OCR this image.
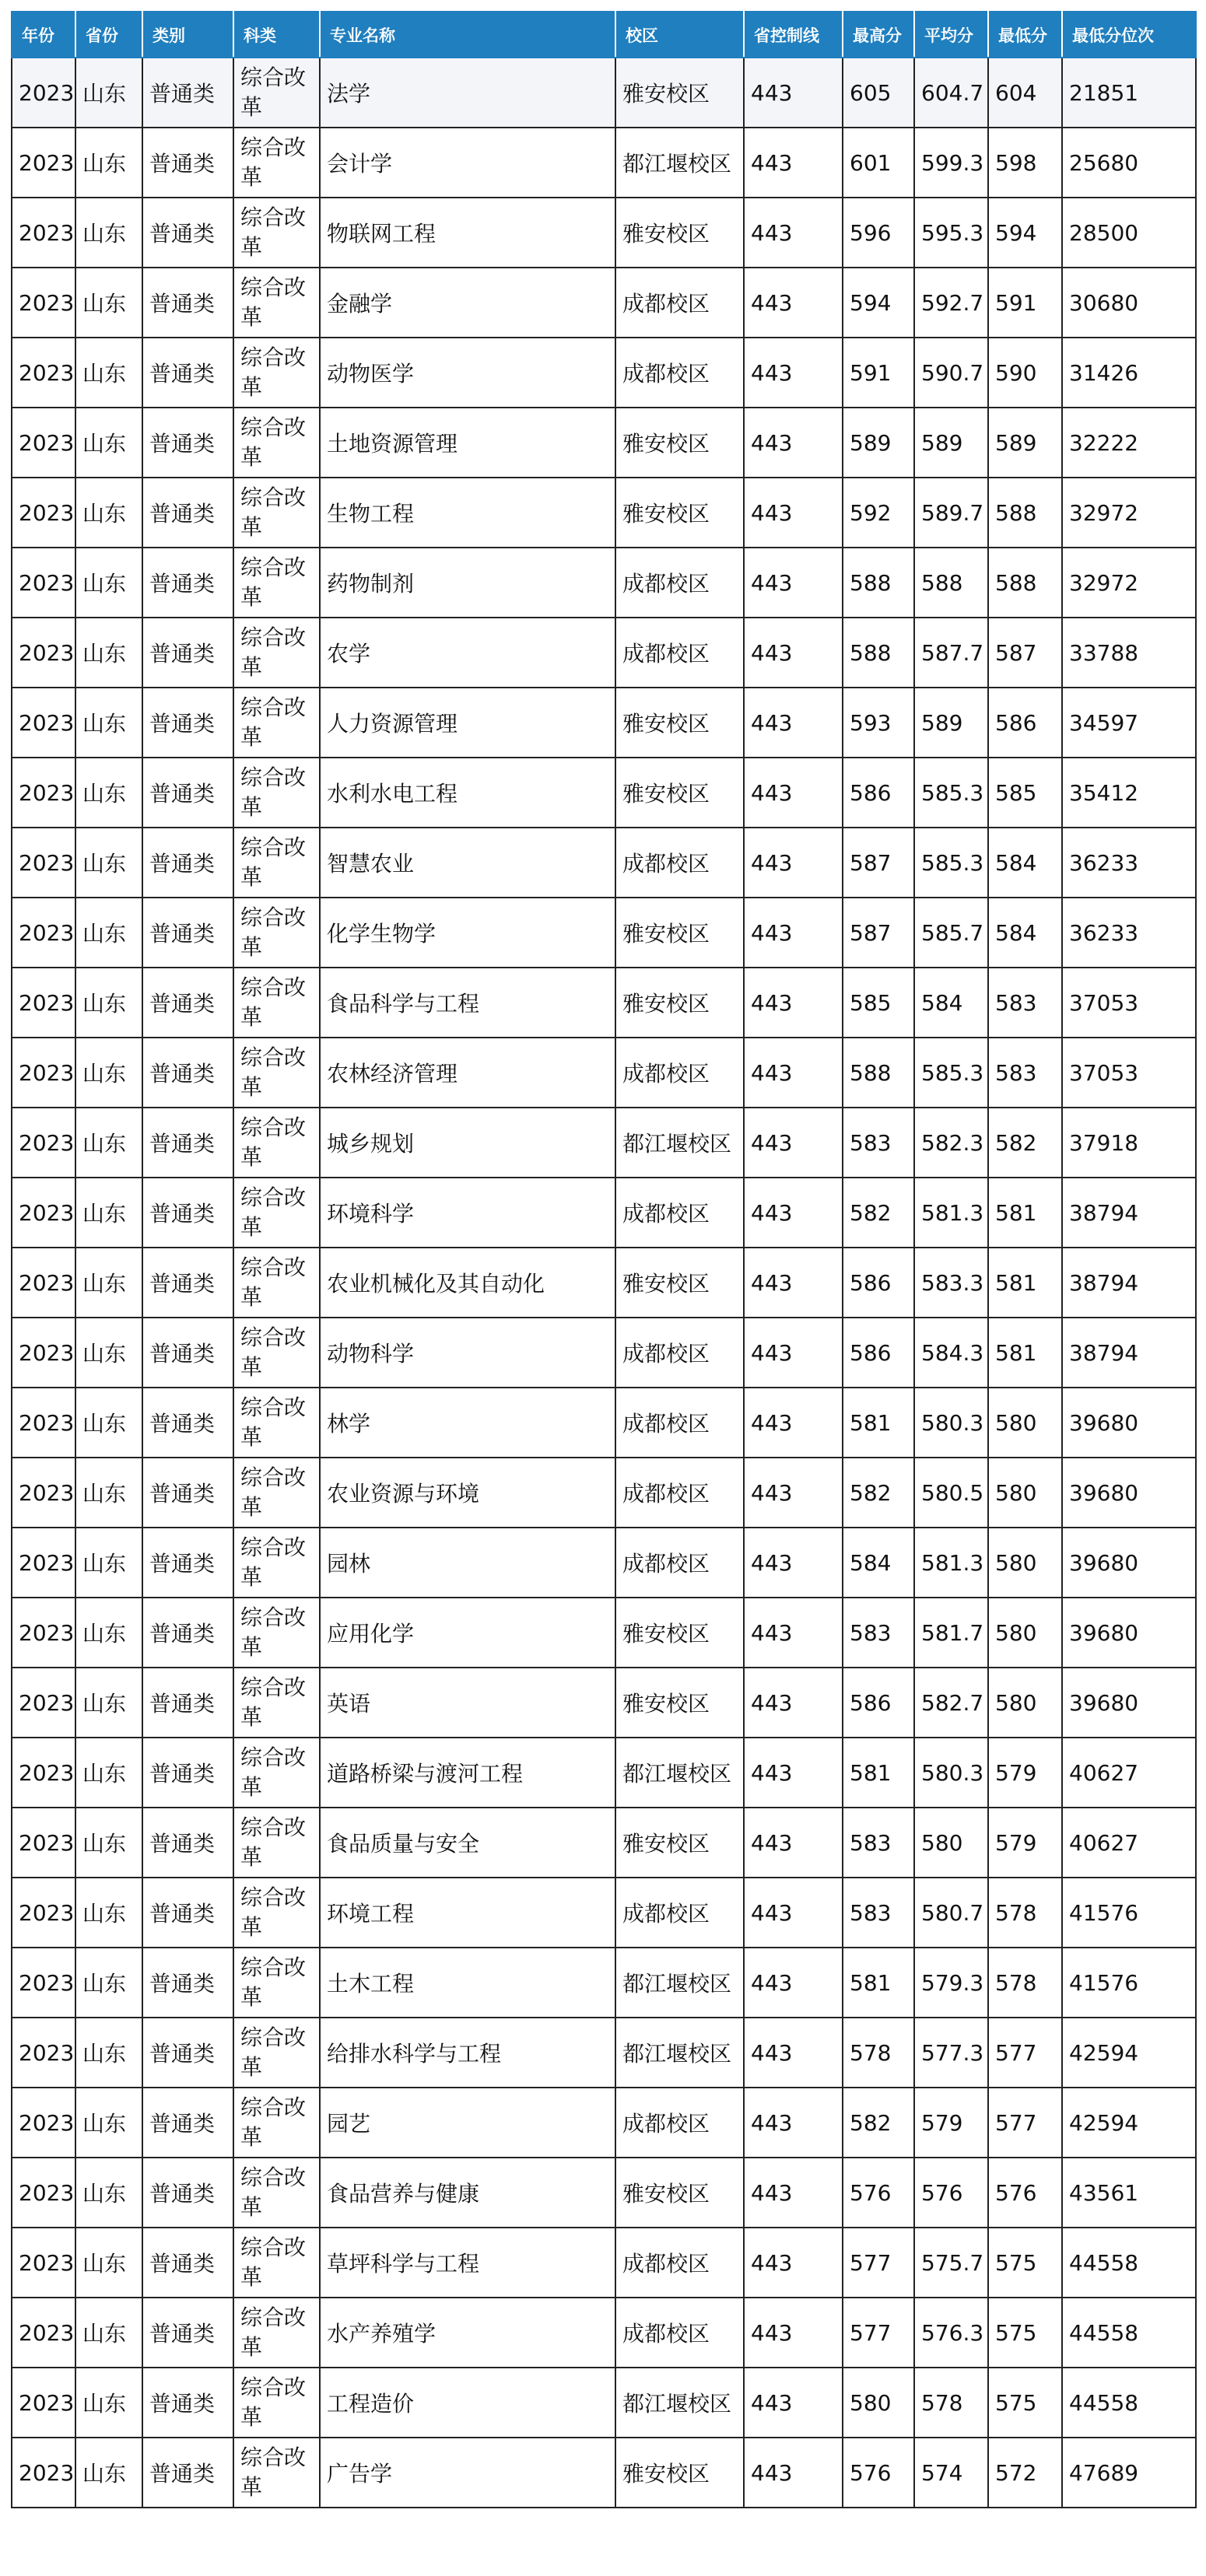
年份	省份	类别	科类	专业名称	校区	省控制线	最高分	平均分	最低分	最低分位次
2023	山东	普通类	综合改革	法学	雅安校区	443	605	604.7	604	21851
2023	山东	普通类	综合改革	会计学	都江堰校区	443	601	599.3	598	25680
2023	山东	普通类	综合改革	物联网工程	雅安校区	443	596	595.3	594	28500
2023	山东	普通类	综合改革	金融学	成都校区	443	594	592.7	591	30680
2023	山东	普通类	综合改革	动物医学	成都校区	443	591	590.7	590	31426
2023	山东	普通类	综合改革	土地资源管理	雅安校区	443	589	589	589	32222
2023	山东	普通类	综合改革	生物工程	雅安校区	443	592	589.7	588	32972
2023	山东	普通类	综合改革	药物制剂	成都校区	443	588	588	588	32972
2023	山东	普通类	综合改革	农学	成都校区	443	588	587.7	587	33788
2023	山东	普通类	综合改革	人力资源管理	雅安校区	443	593	589	586	34597
2023	山东	普通类	综合改革	水利水电工程	雅安校区	443	586	585.3	585	35412
2023	山东	普通类	综合改革	智慧农业	成都校区	443	587	585.3	584	36233
2023	山东	普通类	综合改革	化学生物学	雅安校区	443	587	585.7	584	36233
2023	山东	普通类	综合改革	食品科学与工程	雅安校区	443	585	584	583	37053
2023	山东	普通类	综合改革	农林经济管理	成都校区	443	588	585.3	583	37053
2023	山东	普通类	综合改革	城乡规划	都江堰校区	443	583	582.3	582	37918
2023	山东	普通类	综合改革	环境科学	成都校区	443	582	581.3	581	38794
2023	山东	普通类	综合改革	农业机械化及其自动化	雅安校区	443	586	583.3	581	38794
2023	山东	普通类	综合改革	动物科学	成都校区	443	586	584.3	581	38794
2023	山东	普通类	综合改革	林学	成都校区	443	581	580.3	580	39680
2023	山东	普通类	综合改革	农业资源与环境	成都校区	443	582	580.5	580	39680
2023	山东	普通类	综合改革	园林	成都校区	443	584	581.3	580	39680
2023	山东	普通类	综合改革	应用化学	雅安校区	443	583	581.7	580	39680
2023	山东	普通类	综合改革	英语	雅安校区	443	586	582.7	580	39680
2023	山东	普通类	综合改革	道路桥梁与渡河工程	都江堰校区	443	581	580.3	579	40627
2023	山东	普通类	综合改革	食品质量与安全	雅安校区	443	583	580	579	40627
2023	山东	普通类	综合改革	环境工程	成都校区	443	583	580.7	578	41576
2023	山东	普通类	综合改革	土木工程	都江堰校区	443	581	579.3	578	41576
2023	山东	普通类	综合改革	给排水科学与工程	都江堰校区	443	578	577.3	577	42594
2023	山东	普通类	综合改革	园艺	成都校区	443	582	579	577	42594
2023	山东	普通类	综合改革	食品营养与健康	雅安校区	443	576	576	576	43561
2023	山东	普通类	综合改革	草坪科学与工程	成都校区	443	577	575.7	575	44558
2023	山东	普通类	综合改革	水产养殖学	成都校区	443	577	576.3	575	44558
2023	山东	普通类	综合改革	工程造价	都江堰校区	443	580	578	575	44558
2023	山东	普通类	综合改革	广告学	雅安校区	443	576	574	572	47689
